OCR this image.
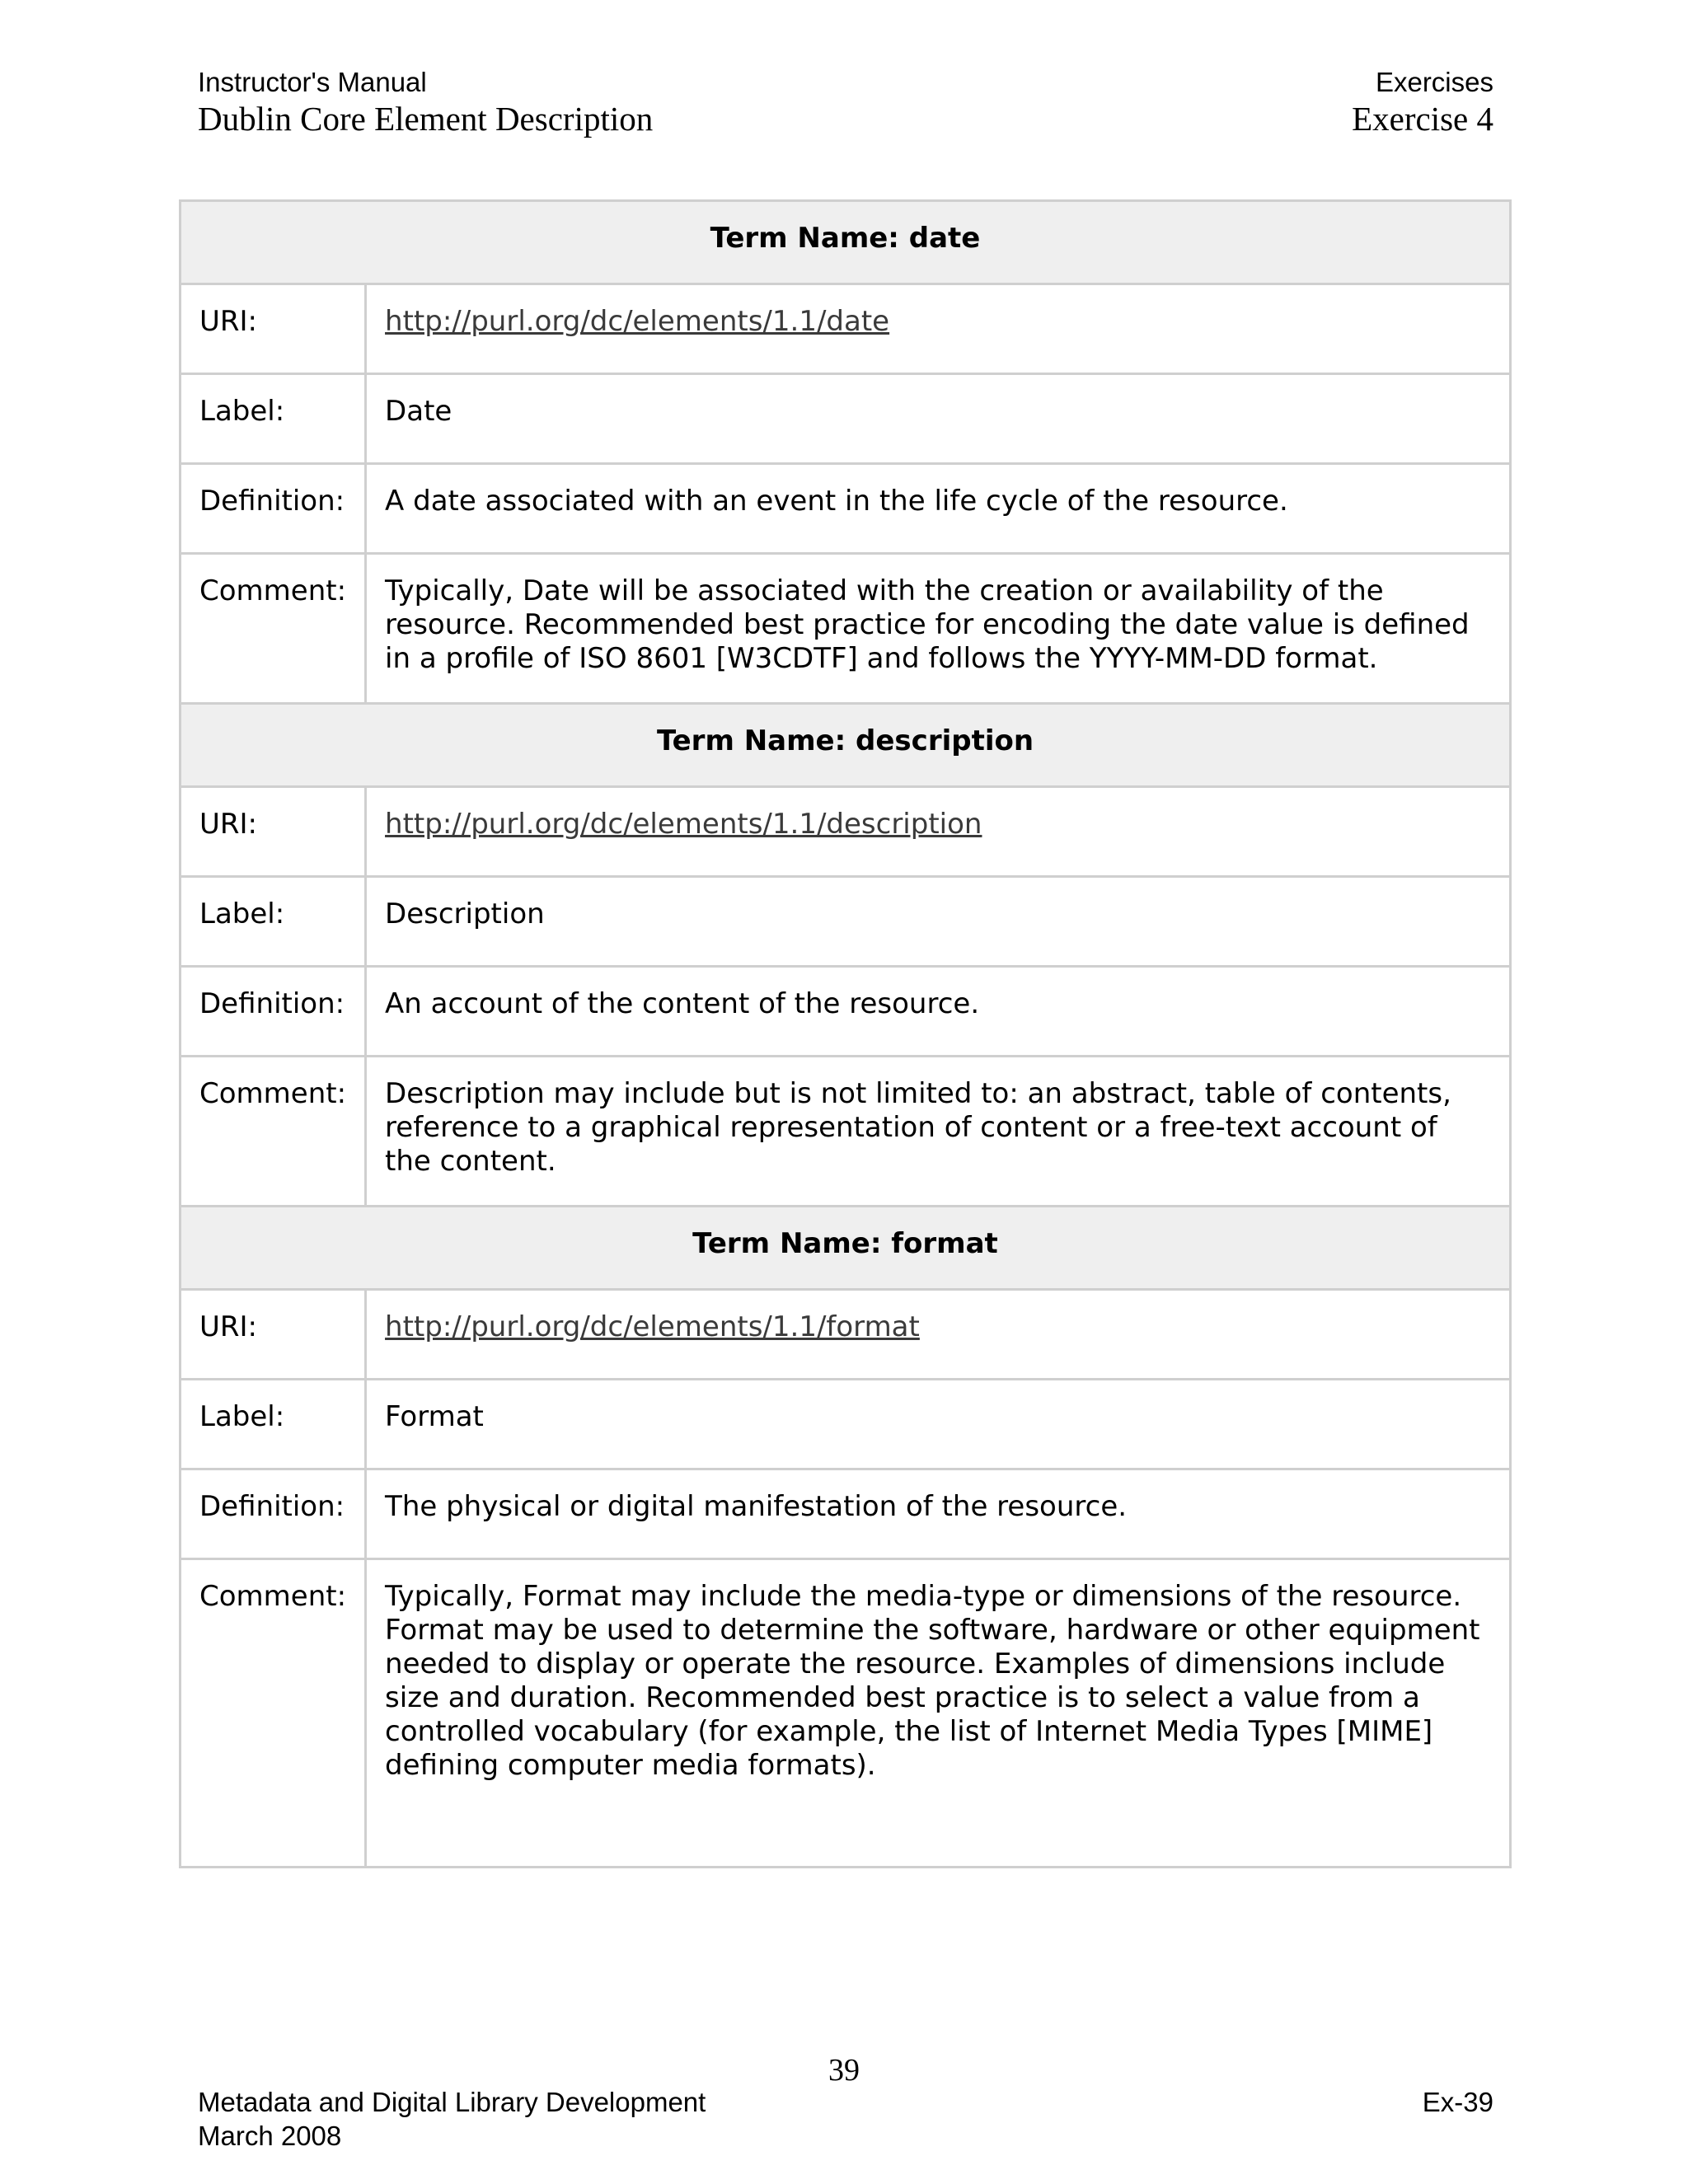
Instructor's Manual
Dublin Core Element Description
Exercises
Exercise 4
Term Name: date	
URI:	http://purl.org/dc/elements/1.1/date
Label:	Date
Definition:	A date associated with an event in the life cycle of the resource.
Comment:	Typically, Date will be associated with the creation or availability of the resource. Recommended best practice for encoding the date value is defined in a profile of ISO 8601 [W3CDTF] and follows the YYYY-MM-DD format.
Term Name: description	
URI:	http://purl.org/dc/elements/1.1/description
Label:	Description
Definition:	An account of the content of the resource.
Comment:	Description may include but is not limited to: an abstract, table of contents, reference to a graphical representation of content or a free-text account of the content.
Term Name: format	
URI:	http://purl.org/dc/elements/1.1/format
Label:	Format
Definition:	The physical or digital manifestation of the resource.
Comment:	Typically, Format may include the media-type or dimensions of the resource. Format may be used to determine the software, hardware or other equipment needed to display or operate the resource. Examples of dimensions include size and duration. Recommended best practice is to select a value from a controlled vocabulary (for example, the list of Internet Media Types [MIME] defining computer media formats).
39
Metadata and Digital Library Development
March 2008
Ex-39
